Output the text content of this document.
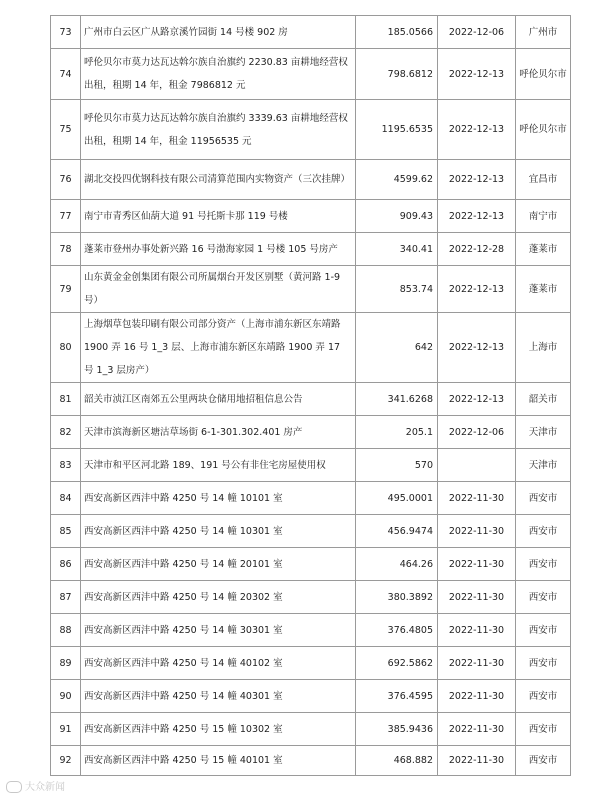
73	广州市白云区广从路京溪竹园街 14 号楼 902 房	185.0566	2022-12-06	广州市
74	呼伦贝尔市莫力达瓦达斡尔族自治旗约 2230.83 亩耕地经营权出租，租期 14 年，租金 7986812 元	798.6812	2022-12-13	呼伦贝尔市
75	呼伦贝尔市莫力达瓦达斡尔族自治旗约 3339.63 亩耕地经营权出租，租期 14 年，租金 11956535 元	1195.6535	2022-12-13	呼伦贝尔市
76	湖北交投四优钢科技有限公司清算范围内实物资产（三次挂牌）	4599.62	2022-12-13	宜昌市
77	南宁市青秀区仙葫大道 91 号托斯卡那 119 号楼	909.43	2022-12-13	南宁市
78	蓬莱市登州办事处新兴路 16 号渤海家园 1 号楼 105 号房产	340.41	2022-12-28	蓬莱市
79	山东黄金金创集团有限公司所属烟台开发区别墅（黄河路 1-9 号）	853.74	2022-12-13	蓬莱市
80	上海烟草包装印刷有限公司部分资产（上海市浦东新区东靖路 1900 弄 16 号 1_3 层、上海市浦东新区东靖路 1900 弄 17 号 1_3 层房产）	642	2022-12-13	上海市
81	韶关市浈江区南郊五公里两块仓储用地招租信息公告	341.6268	2022-12-13	韶关市
82	天津市滨海新区塘沽草场街 6-1-301.302.401 房产	205.1	2022-12-06	天津市
83	天津市和平区河北路 189、191 号公有非住宅房屋使用权	570		天津市
84	西安高新区西沣中路 4250 号 14 幢 10101 室	495.0001	2022-11-30	西安市
85	西安高新区西沣中路 4250 号 14 幢 10301 室	456.9474	2022-11-30	西安市
86	西安高新区西沣中路 4250 号 14 幢 20101 室	464.26	2022-11-30	西安市
87	西安高新区西沣中路 4250 号 14 幢 20302 室	380.3892	2022-11-30	西安市
88	西安高新区西沣中路 4250 号 14 幢 30301 室	376.4805	2022-11-30	西安市
89	西安高新区西沣中路 4250 号 14 幢 40102 室	692.5862	2022-11-30	西安市
90	西安高新区西沣中路 4250 号 14 幢 40301 室	376.4595	2022-11-30	西安市
91	西安高新区西沣中路 4250 号 15 幢 10302 室	385.9436	2022-11-30	西安市
92	西安高新区西沣中路 4250 号 15 幢 40101 室	468.882	2022-11-30	西安市
大众新闻
